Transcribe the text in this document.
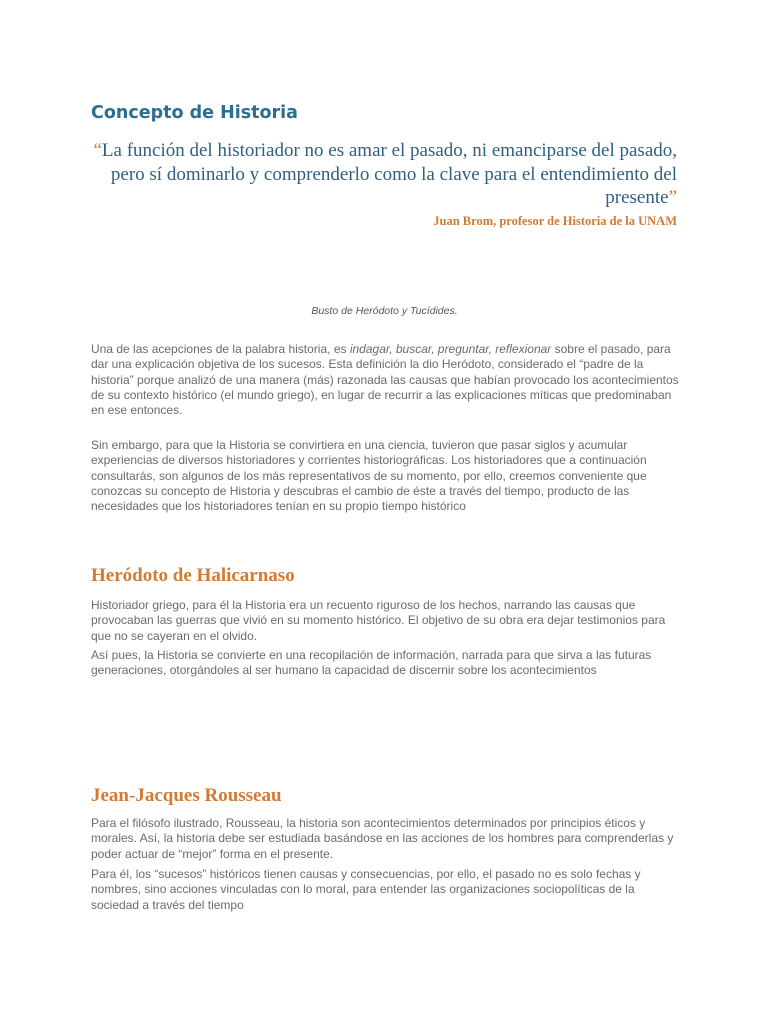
Concepto de Historia

“La función del historiador no es amar el pasado, ni emanciparse del pasado, pero sí dominarlo y comprenderlo como la clave para el entendimiento del presente”

Juan Brom, profesor de Historia de la UNAM

Busto de Heródoto y Tucídides.

Una de las acepciones de la palabra historia, es indagar, buscar, preguntar, reflexionar sobre el pasado, para dar una explicación objetiva de los sucesos. Esta definición la dio Heródoto, considerado el “padre de la historia” porque analizó de una manera (más) razonada las causas que habían provocado los acontecimientos de su contexto histórico (el mundo griego), en lugar de recurrir a las explicaciones míticas que predominaban en ese entonces.

Sin embargo, para que la Historia se convirtiera en una ciencia, tuvieron que pasar siglos y acumular experiencias de diversos historiadores y corrientes historiográficas. Los historiadores que a continuación consultarás, son algunos de los más representativos de su momento, por ello, creemos conveniente que conozcas su concepto de Historia y descubras el cambio de éste a través del tiempo, producto de las necesidades que los historiadores tenían en su propio tiempo histórico

Heródoto de Halicarnaso

Historiador griego, para él la Historia era un recuento riguroso de los hechos, narrando las causas que provocaban las guerras que vivió en su momento histórico. El objetivo de su obra era dejar testimonios para que no se cayeran en el olvido.

Así pues, la Historia se convierte en una recopilación de información, narrada para que sirva a las futuras generaciones, otorgándoles al ser humano la capacidad de discernir sobre los acontecimientos

Jean-Jacques Rousseau

Para el filósofo ilustrado, Rousseau, la historia son acontecimientos determinados por principios éticos y morales. Así, la historia debe ser estudiada basándose en las acciones de los hombres para comprenderlas y poder actuar de “mejor” forma en el presente.

Para él, los “sucesos” históricos tienen causas y consecuencias, por ello, el pasado no es solo fechas y nombres, sino acciones vinculadas con lo moral, para entender las organizaciones sociopolíticas de la sociedad a través del tiempo
